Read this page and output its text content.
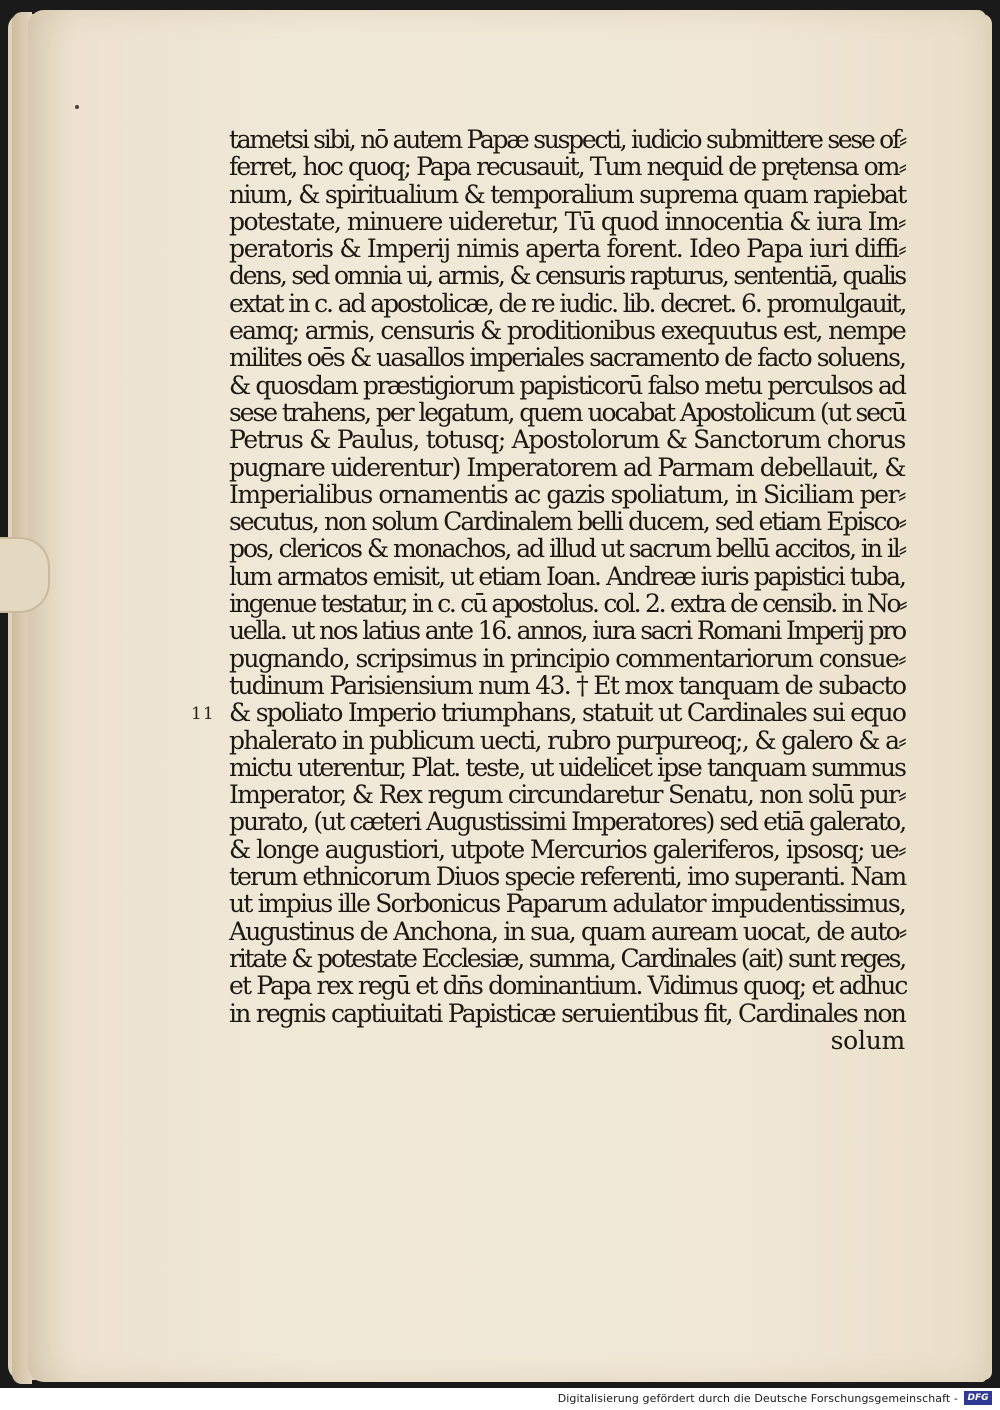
11
tametsi sibi, nō autem Papæ suspecti, iudicio submittere sese of⸗
ferret, hoc quoq; Papa recusauit, Tum nequid de prętensa om⸗
nium, & spiritualium & temporalium suprema quam rapiebat
potestate, minuere uideretur, Tū quod innocentia & iura Im⸗
peratoris & Imperij nimis aperta forent. Ideo Papa iuri diffi⸗
dens, sed omnia ui, armis, & censuris rapturus, sententiā, qualis
extat in c. ad apostolicæ, de re iudic. lib. decret. 6. promulgauit,
eamq; armis, censuris & proditionibus exequutus est, nempe
milites oēs & uasallos imperiales sacramento de facto soluens,
& quosdam præstigiorum papisticorū falso metu perculsos ad
sese trahens, per legatum, quem uocabat Apostolicum (ut secū
Petrus & Paulus, totusq; Apostolorum & Sanctorum chorus
pugnare uiderentur) Imperatorem ad Parmam debellauit, &
Imperialibus ornamentis ac gazis spoliatum, in Siciliam per⸗
secutus, non solum Cardinalem belli ducem, sed etiam Episco⸗
pos, clericos & monachos, ad illud ut sacrum bellū accitos, in il⸗
lum armatos emisit, ut etiam Ioan. Andreæ iuris papistici tuba,
ingenue testatur, in c. cū apostolus. col. 2. extra de censib. in No⸗
uella. ut nos latius ante 16. annos, iura sacri Romani Imperij pro
pugnando, scripsimus in principio commentariorum consue⸗
tudinum Parisiensium num 43. † Et mox tanquam de subacto
& spoliato Imperio triumphans, statuit ut Cardinales sui equo
phalerato in publicum uecti, rubro purpureoq;, & galero & a⸗
mictu uterentur, Plat. teste, ut uidelicet ipse tanquam summus
Imperator, & Rex regum circundaretur Senatu, non solū pur⸗
purato, (ut cæteri Augustissimi Imperatores) sed etiā galerato,
& longe augustiori, utpote Mercurios galeriferos, ipsosq; ue⸗
terum ethnicorum Diuos specie referenti, imo superanti. Nam
ut impius ille Sorbonicus Paparum adulator impudentissimus,
Augustinus de Anchona, in sua, quam auream uocat, de auto⸗
ritate & potestate Ecclesiæ, summa, Cardinales (ait) sunt reges,
et Papa rex regū et dn̄s dominantium. Vidimus quoq; et adhuc
in regnis captiuitati Papisticæ seruientibus fit, Cardinales non
solum
Digitalisierung gefördert durch die Deutsche Forschungsgemeinschaft -	DFG
